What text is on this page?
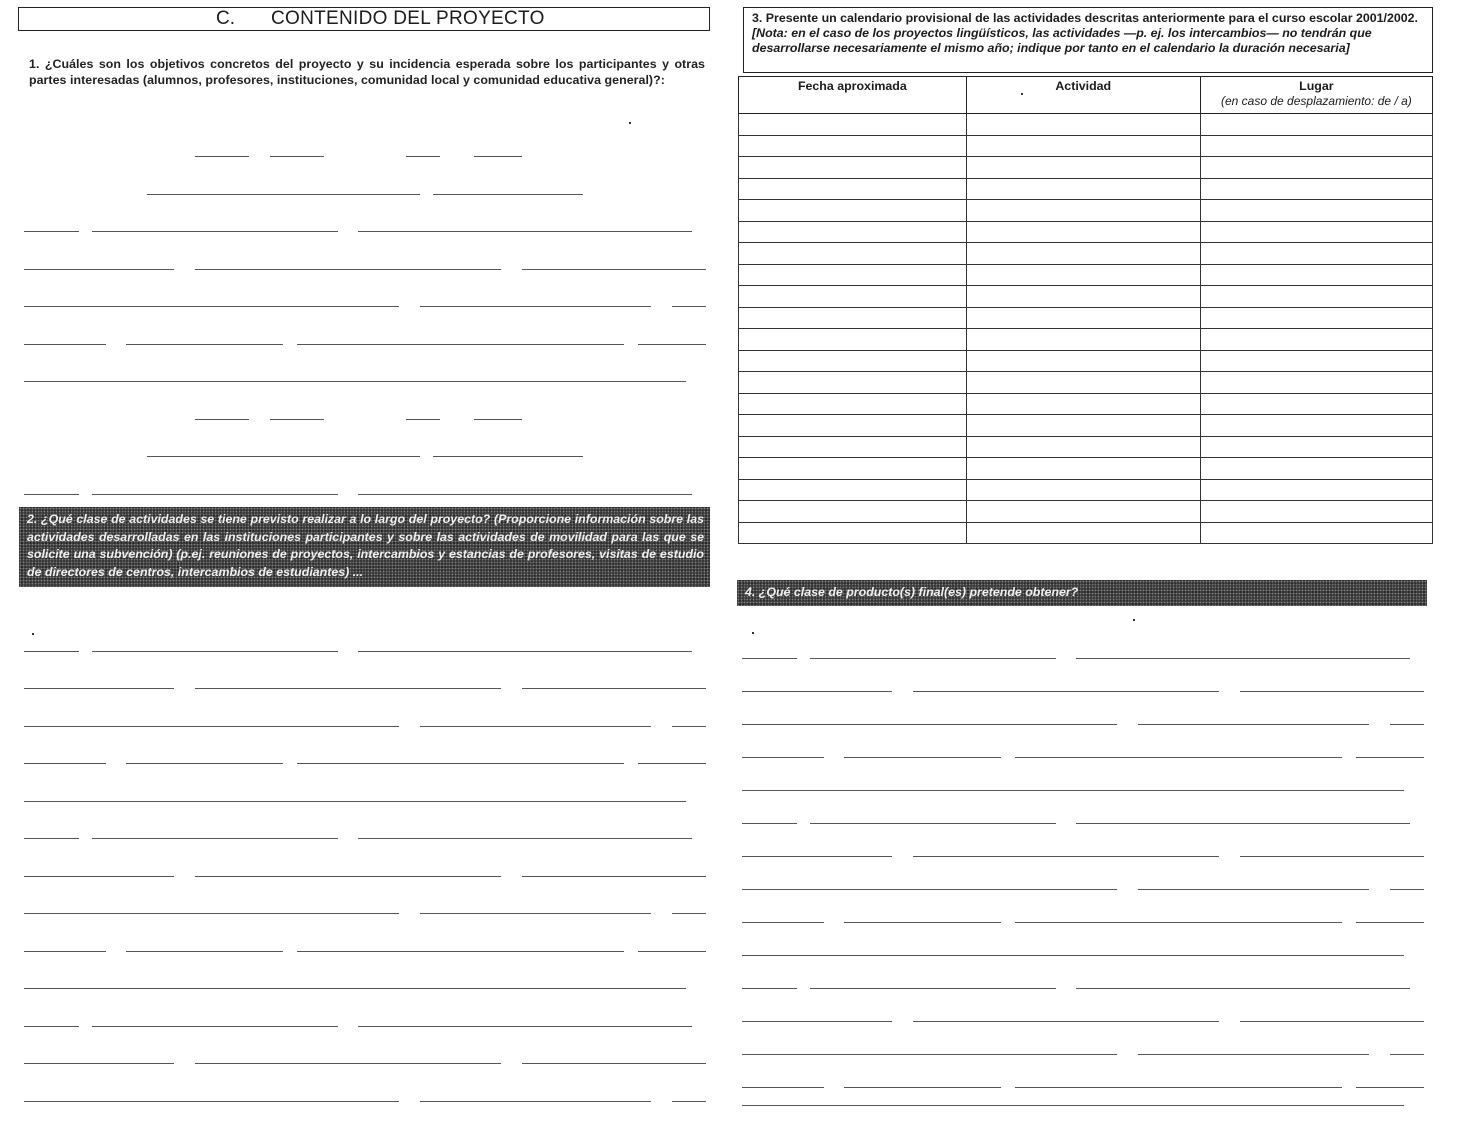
C. CONTENIDO DEL PROYECTO
1. ¿Cuáles son los objetivos concretos del proyecto y su incidencia esperada sobre los participantes y otras partes interesadas (alumnos, profesores, instituciones, comunidad local y comunidad educativa general)?:
2. ¿Qué clase de actividades se tiene previsto realizar a lo largo del proyecto? (Proporcione información sobre las actividades desarrolladas en las instituciones participantes y sobre las actividades de movilidad para las que se solicite una subvención) (p.ej. reuniones de proyectos, intercambios y estancias de profesores, visitas de estudio de directores de centros, intercambios de estudiantes) ...
3. Presente un calendario provisional de las actividades descritas anteriormente para el curso escolar 2001/2002.
[Nota: en el caso de los proyectos lingüísticos, las actividades —p. ej. los intercambios— no tendrán que desarrollarse necesariamente el mismo año; indique por tanto en el calendario la duración necesaria]
Fecha aproximada	Actividad	Lugar
(en caso de desplazamiento: de / a)

4. ¿Qué clase de producto(s) final(es) pretende obtener?
